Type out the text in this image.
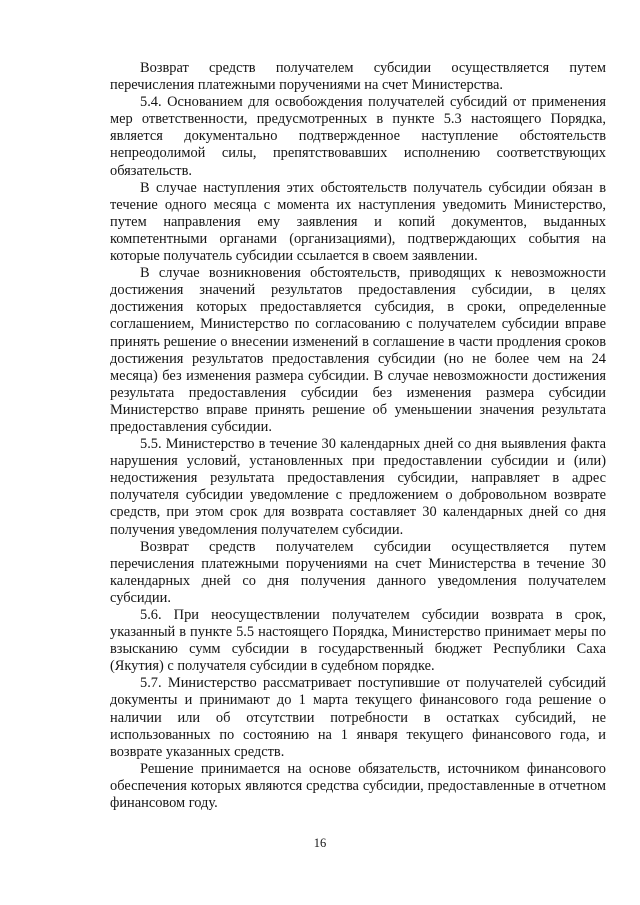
Возврат средств получателем субсидии осуществляется путем перечисления платежными поручениями на счет Министерства.

5.4. Основанием для освобождения получателей субсидий от применения мер ответственности, предусмотренных в пункте 5.3 настоящего Порядка, является документально подтвержденное наступление обстоятельств непреодолимой силы, препятствовавших исполнению соответствующих обязательств.

В случае наступления этих обстоятельств получатель субсидии обязан в течение одного месяца с момента их наступления уведомить Министерство, путем направления ему заявления и копий документов, выданных компетентными органами (организациями), подтверждающих события на которые получатель субсидии ссылается в своем заявлении.

В случае возникновения обстоятельств, приводящих к невозможности достижения значений результатов предоставления субсидии, в целях достижения которых предоставляется субсидия, в сроки, определенные соглашением, Министерство по согласованию с получателем субсидии вправе принять решение о внесении изменений в соглашение в части продления сроков достижения результатов предоставления субсидии (но не более чем на 24 месяца) без изменения размера субсидии. В случае невозможности достижения результата предоставления субсидии без изменения размера субсидии Министерство вправе принять решение об уменьшении значения результата предоставления субсидии.

5.5. Министерство в течение 30 календарных дней со дня выявления факта нарушения условий, установленных при предоставлении субсидии и (или) недостижения результата предоставления субсидии, направляет в адрес получателя субсидии уведомление с предложением о добровольном возврате средств, при этом срок для возврата составляет 30 календарных дней со дня получения уведомления получателем субсидии.

Возврат средств получателем субсидии осуществляется путем перечисления платежными поручениями на счет Министерства в течение 30 календарных дней со дня получения данного уведомления получателем субсидии.

5.6. При неосуществлении получателем субсидии возврата в срок, указанный в пункте 5.5 настоящего Порядка, Министерство принимает меры по взысканию сумм субсидии в государственный бюджет Республики Саха (Якутия) с получателя субсидии в судебном порядке.

5.7. Министерство рассматривает поступившие от получателей субсидий документы и принимают до 1 марта текущего финансового года решение о наличии или об отсутствии потребности в остатках субсидий, не использованных по состоянию на 1 января текущего финансового года, и возврате указанных средств.

Решение принимается на основе обязательств, источником финансового обеспечения которых являются средства субсидии, предоставленные в отчетном финансовом году.

16
